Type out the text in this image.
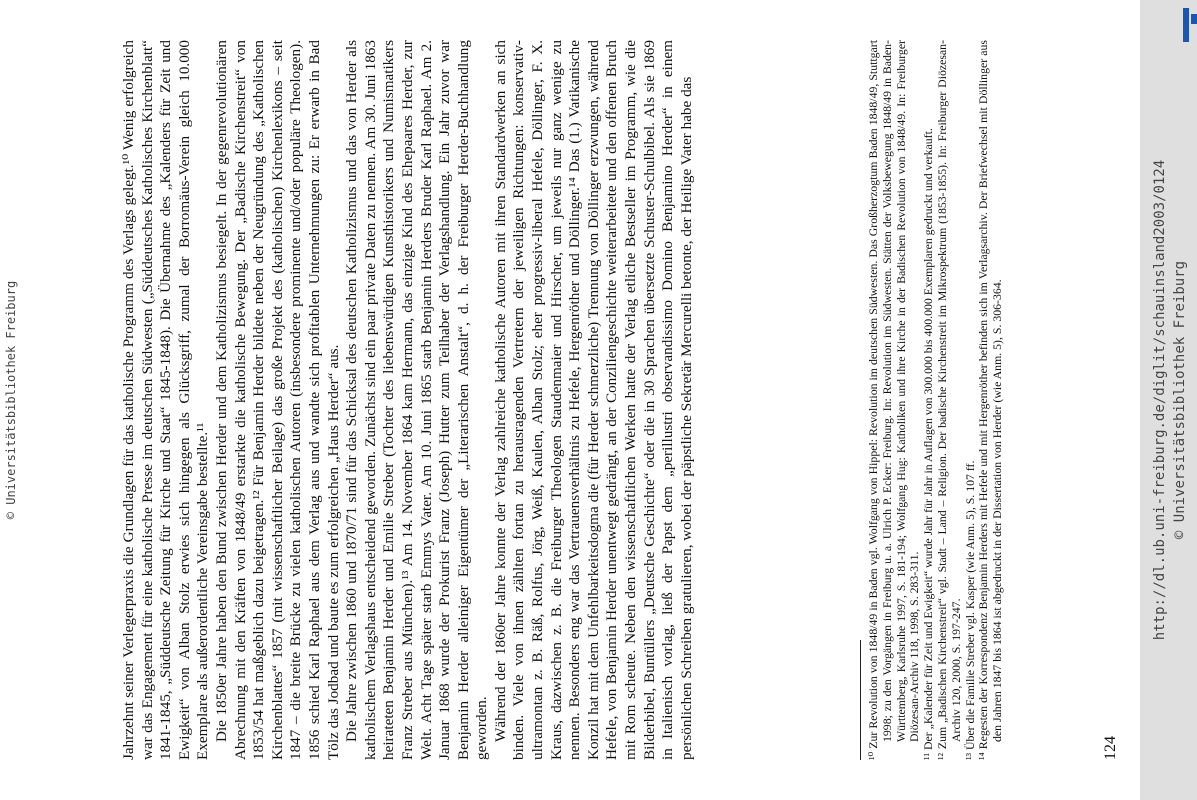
© Universitätsbibliothek Freiburg	Jahrzehnt seiner Verlegerpraxis die Grundlagen für das katholische Programm des Verlags gelegt.¹⁰ Wenig erfolgreich war das Engagement für eine katholische Presse im deutschen Südwesten („Süddeutsches Katholisches Kirchenblatt“ 1841-1845, „Süddeutsche Zeitung für Kirche und Staat“ 1845-1848). Die Übernahme des „Kalenders für Zeit und Ewigkeit“ von Alban Stolz erwies sich hingegen als Glücksgriff, zumal der Borromäus-Verein gleich 10.000 Exemplare als außerordentliche Vereinsgabe bestellte.¹¹ Die 1850er Jahre haben den Bund zwischen Herder und dem Katholizismus besiegelt. In der gegenrevolutionären Abrechnung mit den Kräften von 1848/49 erstarkte die katholische Bewegung. Der „Badische Kirchenstreit“ von 1853/54 hat maßgeblich dazu beigetragen.¹² Für Benjamin Herder bildete neben der Neugründung des „Katholischen Kirchenblattes“ 1857 (mit wissenschaftlicher Beilage) das große Projekt des (katholischen) Kirchenlexikons – seit 1847 – die breite Brücke zu vielen katholischen Autoren (insbesondere prominente und/oder populäre Theologen). 1856 schied Karl Raphael aus dem Verlag aus und wandte sich profitablen Unternehmungen zu: Er erwarb in Bad Tölz das Jodbad und baute es zum erfolgreichen „Haus Herder“ aus. Die Jahre zwischen 1860 und 1870/71 sind für das Schicksal des deutschen Katholizismus und das von Herder als katholischem Verlagshaus entscheidend geworden. Zunächst sind ein paar private Daten zu nennen. Am 30. Juni 1863 heirateten Benjamin Herder und Emilie Streber (Tochter des liebenswürdigen Kunsthistorikers und Numismatikers Franz Streber aus München).¹³ Am 14. November 1864 kam Hermann, das einzige Kind des Ehepaares Herder, zur Welt. Acht Tage später starb Emmys Vater. Am 10. Juni 1865 starb Benjamin Herders Bruder Karl Raphael. Am 2. Januar 1868 wurde der Prokurist Franz (Joseph) Hutter zum Teilhaber der Verlagshandlung. Ein Jahr zuvor war Benjamin Herder alleiniger Eigentümer der „Literarischen Anstalt“, d. h. der Freiburger Herder-Buchhandlung geworden. Während der 1860er Jahre konnte der Verlag zahlreiche katholische Autoren mit ihren Standardwerken an sich binden. Viele von ihnen zählten fortan zu herausragenden Vertretern der jeweiligen Richtungen: konservativ-ultramontan z. B. Räß, Rolfus, Jörg, Weiß, Kaulen, Alban Stolz; eher progressiv-liberal Hefele, Döllinger, F. X. Kraus, dazwischen z. B. die Freiburger Theologen Staudenmaier und Hirscher, um jeweils nur ganz wenige zu nennen. Besonders eng war das Vertrauensverhältnis zu Hefele, Hergenröther und Döllinger.¹⁴ Das (1.) Vatikanische Konzil hat mit dem Unfehlbarkeitsdogma die (für Herder schmerzliche) Trennung von Döllinger erzwungen, während Hefele, von Benjamin Herder unentwegt gedrängt, an der Conziliengeschichte weiterarbeitete und den offenen Bruch mit Rom scheute. Neben den wissenschaftlichen Werken hatte der Verlag etliche Bestseller im Programm, wie die Bilderbibel, Buntüllers „Deutsche Geschichte“ oder die in 30 Sprachen übersetzte Schuster-Schulbibel. Als sie 1869 in Italienisch vorlag, ließ der Papst dem „perillustri observandissimo Domino Benjamino Herder“ in einem persönlichen Schreiben gratulieren, wobei der päpstliche Sekretär Mercurelli betonte, der Heilige Vater habe das	¹⁰ Zur Revolution von 1848/49 in Baden vgl. Wolfgang von Hippel: Revolution im deutschen Südwesten. Das Großherzogtum Baden 1848/49, Stuttgart 1998; zu den Vorgängen in Freiburg u. a. Ulrich P. Ecker: Freiburg. In: Revolution im Südwesten. Stätten der Volksbewegung 1848/49 in Baden-Württemberg, Karlsruhe 1997, S. 181-194; Wolfgang Hug: Katholiken und ihre Kirche in der Badischen Revolution von 1848/49. In: Freiburger Diözesan-Archiv 118, 1998, S. 283-311. ¹¹ Der „Kalender für Zeit und Ewigkeit“ wurde Jahr für Jahr in Auflagen von 300.000 bis 400.000 Exemplaren gedruckt und verkauft. ¹² Zum „Badischen Kirchenstreit“ vgl. Stadt – Land – Religion. Der badische Kirchenstreit im Mikrospektrum (1853-1855). In: Freiburger Diözesan-Archiv 120, 2000, S. 197-247. ¹³ Über die Familie Streber vgl. Kasper (wie Anm. 5), S. 107 ff. ¹⁴ Regesten der Korrespondenz Benjamin Herders mit Hefele und mit Hergenröther befinden sich im Verlagsarchiv. Der Briefwechsel mit Döllinger aus den Jahren 1847 bis 1864 ist abgedruckt in der Dissertation von Herder (wie Anm. 5), S. 306-364.

124
http://dl.ub.uni-freiburg.de/diglit/schauinsland2003/0124 © Universitätsbibliothek Freiburg
